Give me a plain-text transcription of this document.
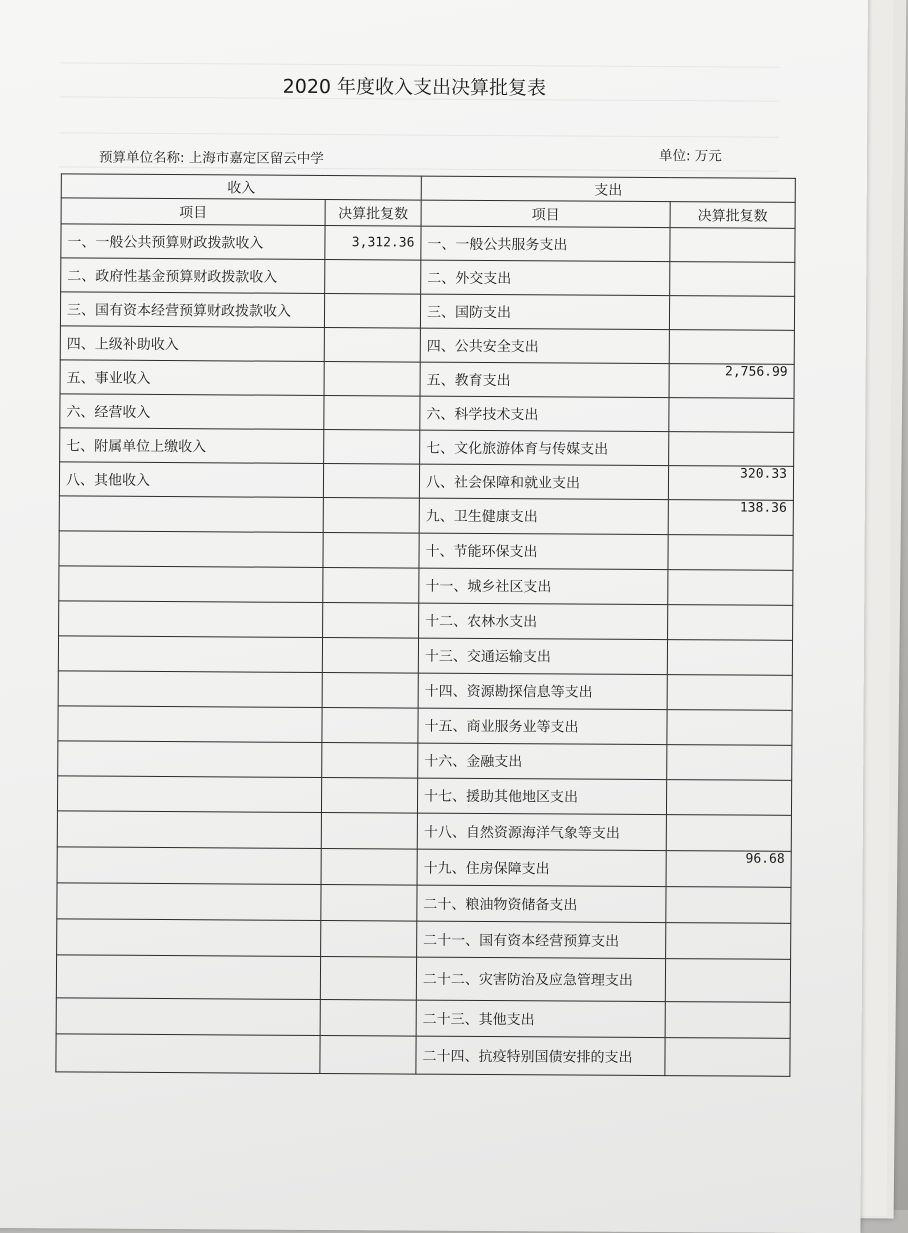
2020 年度收入支出决算批复表
预算单位名称: 上海市嘉定区留云中学	单位: 万元
收入		支出	
项目	决算批复数	项目	决算批复数
一、一般公共预算财政拨款收入	3,312.36	一、一般公共服务支出	
二、政府性基金预算财政拨款收入		二、外交支出	
三、国有资本经营预算财政拨款收入		三、国防支出	
四、上级补助收入		四、公共安全支出	
五、事业收入		五、教育支出	2,756.99
六、经营收入		六、科学技术支出	
七、附属单位上缴收入		七、文化旅游体育与传媒支出	
八、其他收入		八、社会保障和就业支出	320.33
		九、卫生健康支出	138.36
		十、节能环保支出	
		十一、城乡社区支出	
		十二、农林水支出	
		十三、交通运输支出	
		十四、资源勘探信息等支出	
		十五、商业服务业等支出	
		十六、金融支出	
		十七、援助其他地区支出	
		十八、自然资源海洋气象等支出	
		十九、住房保障支出	96.68
		二十、粮油物资储备支出	
		二十一、国有资本经营预算支出	
		二十二、灾害防治及应急管理支出	
		二十三、其他支出	
		二十四、抗疫特别国债安排的支出	
